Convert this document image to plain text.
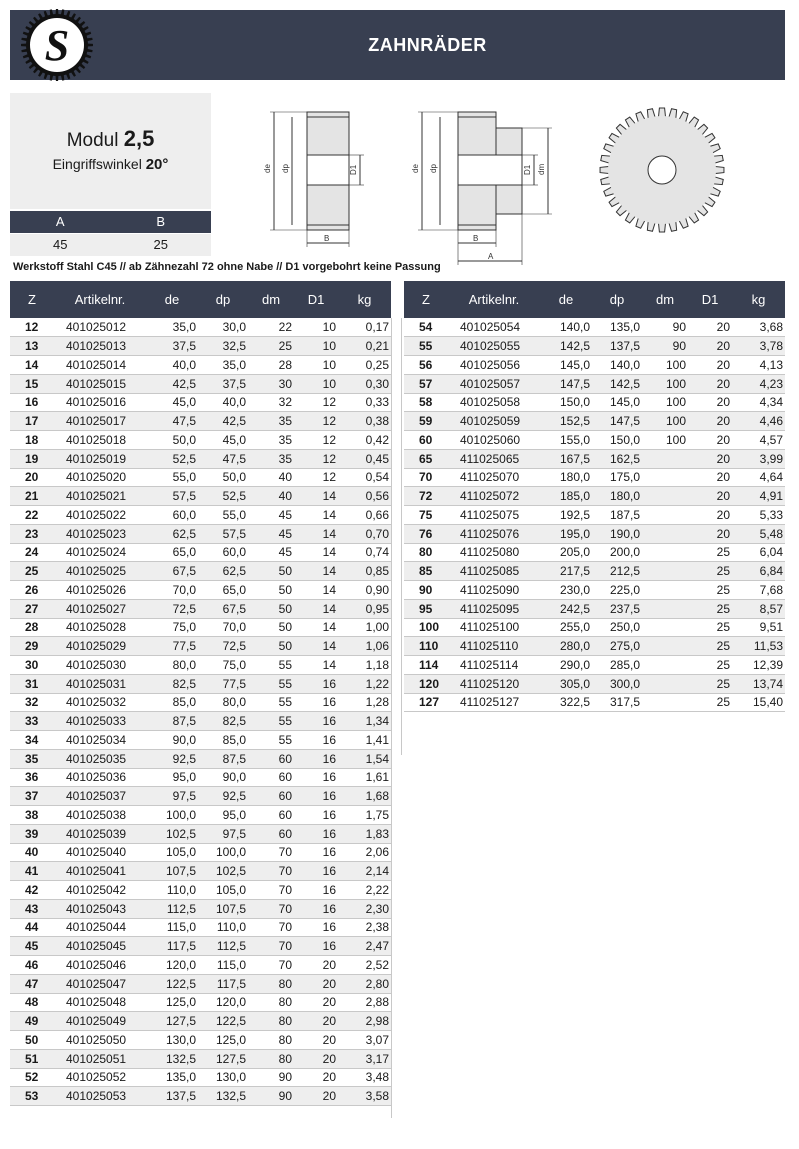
S	ZAHNRÄDER
Modul 2,5
Eingriffswinkel 20°
A	B
45	25
Werkstoff Stahl C45 // ab Zähnezahl 72 ohne Nabe // D1 vorgebohrt keine Passung
de dp	D1
B
de dp	D1 dm
B
A
Z	Artikelnr.	de	dp	dm	D1	kg
12	401025012	35,0	30,0	22	10	0,17
13	401025013	37,5	32,5	25	10	0,21
14	401025014	40,0	35,0	28	10	0,25
15	401025015	42,5	37,5	30	10	0,30
16	401025016	45,0	40,0	32	12	0,33
17	401025017	47,5	42,5	35	12	0,38
18	401025018	50,0	45,0	35	12	0,42
19	401025019	52,5	47,5	35	12	0,45
20	401025020	55,0	50,0	40	12	0,54
21	401025021	57,5	52,5	40	14	0,56
22	401025022	60,0	55,0	45	14	0,66
23	401025023	62,5	57,5	45	14	0,70
24	401025024	65,0	60,0	45	14	0,74
25	401025025	67,5	62,5	50	14	0,85
26	401025026	70,0	65,0	50	14	0,90
27	401025027	72,5	67,5	50	14	0,95
28	401025028	75,0	70,0	50	14	1,00
29	401025029	77,5	72,5	50	14	1,06
30	401025030	80,0	75,0	55	14	1,18
31	401025031	82,5	77,5	55	16	1,22
32	401025032	85,0	80,0	55	16	1,28
33	401025033	87,5	82,5	55	16	1,34
34	401025034	90,0	85,0	55	16	1,41
35	401025035	92,5	87,5	60	16	1,54
36	401025036	95,0	90,0	60	16	1,61
37	401025037	97,5	92,5	60	16	1,68
38	401025038	100,0	95,0	60	16	1,75
39	401025039	102,5	97,5	60	16	1,83
40	401025040	105,0	100,0	70	16	2,06
41	401025041	107,5	102,5	70	16	2,14
42	401025042	110,0	105,0	70	16	2,22
43	401025043	112,5	107,5	70	16	2,30
44	401025044	115,0	110,0	70	16	2,38
45	401025045	117,5	112,5	70	16	2,47
46	401025046	120,0	115,0	70	20	2,52
47	401025047	122,5	117,5	80	20	2,80
48	401025048	125,0	120,0	80	20	2,88
49	401025049	127,5	122,5	80	20	2,98
50	401025050	130,0	125,0	80	20	3,07
51	401025051	132,5	127,5	80	20	3,17
52	401025052	135,0	130,0	90	20	3,48
53	401025053	137,5	132,5	90	20	3,58
Z	Artikelnr.	de	dp	dm	D1	kg
54	401025054	140,0	135,0	90	20	3,68
55	401025055	142,5	137,5	90	20	3,78
56	401025056	145,0	140,0	100	20	4,13
57	401025057	147,5	142,5	100	20	4,23
58	401025058	150,0	145,0	100	20	4,34
59	401025059	152,5	147,5	100	20	4,46
60	401025060	155,0	150,0	100	20	4,57
65	411025065	167,5	162,5		20	3,99
70	411025070	180,0	175,0		20	4,64
72	411025072	185,0	180,0		20	4,91
75	411025075	192,5	187,5		20	5,33
76	411025076	195,0	190,0		20	5,48
80	411025080	205,0	200,0		25	6,04
85	411025085	217,5	212,5		25	6,84
90	411025090	230,0	225,0		25	7,68
95	411025095	242,5	237,5		25	8,57
100	411025100	255,0	250,0		25	9,51
110	411025110	280,0	275,0		25	11,53
114	411025114	290,0	285,0		25	12,39
120	411025120	305,0	300,0		25	13,74
127	411025127	322,5	317,5		25	15,40
